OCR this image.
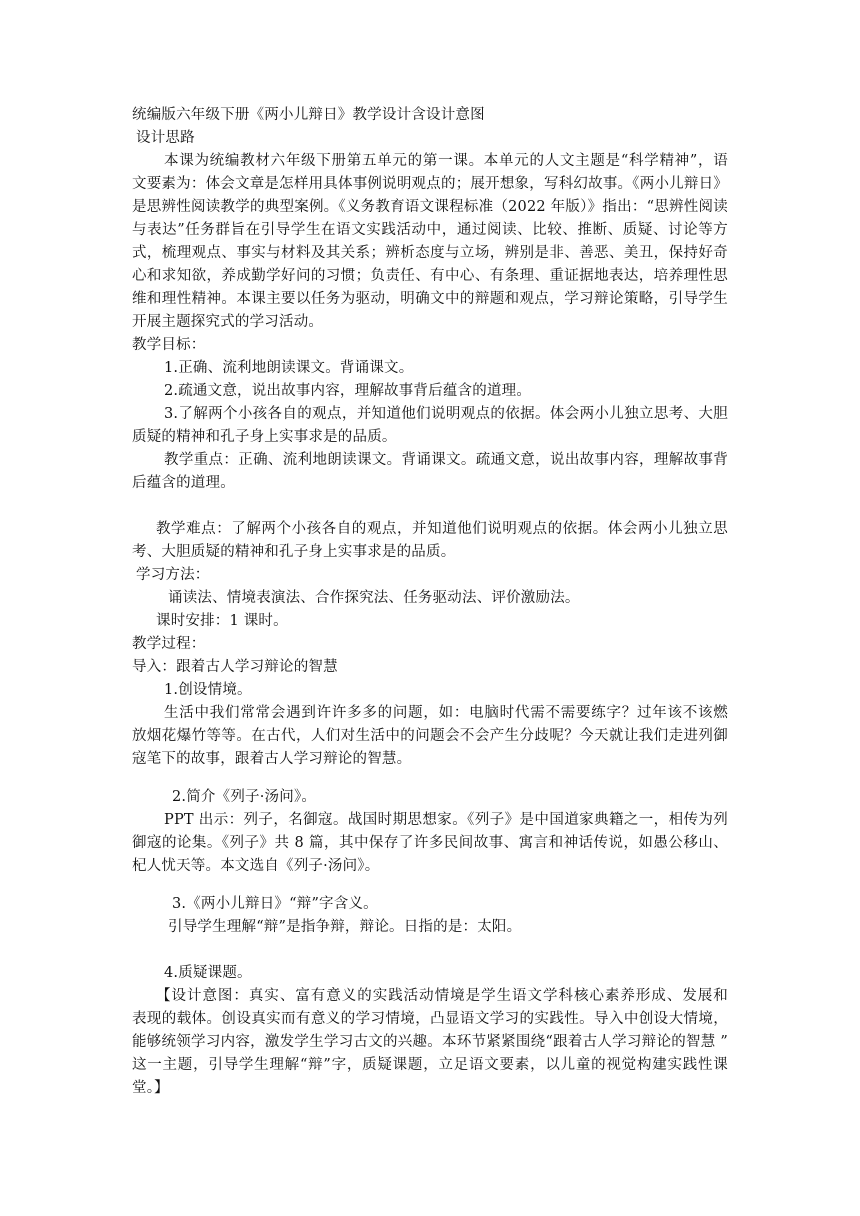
统编版六年级下册《两小儿辩日》教学设计含设计意图
设计思路
本课为统编教材六年级下册第五单元的第一课。本单元的人文主题是“科学精神”，语
文要素为：体会文章是怎样用具体事例说明观点的；展开想象，写科幻故事。《两小儿辩日》
是思辨性阅读教学的典型案例。《义务教育语文课程标准（2022 年版）》指出：“思辨性阅读
与表达”任务群旨在引导学生在语文实践活动中，通过阅读、比较、推断、质疑、讨论等方
式，梳理观点、事实与材料及其关系；辨析态度与立场，辨别是非、善恶、美丑，保持好奇
心和求知欲，养成勤学好问的习惯；负责任、有中心、有条理、重证据地表达，培养理性思
维和理性精神。本课主要以任务为驱动，明确文中的辩题和观点，学习辩论策略，引导学生
开展主题探究式的学习活动。
教学目标：
1.正确、流利地朗读课文。背诵课文。
2.疏通文意，说出故事内容，理解故事背后蕴含的道理。
3.了解两个小孩各自的观点，并知道他们说明观点的依据。体会两小儿独立思考、大胆
质疑的精神和孔子身上实事求是的品质。
教学重点：正确、流利地朗读课文。背诵课文。疏通文意，说出故事内容，理解故事背
后蕴含的道理。
教学难点：了解两个小孩各自的观点，并知道他们说明观点的依据。体会两小儿独立思
考、大胆质疑的精神和孔子身上实事求是的品质。
学习方法：
诵读法、情境表演法、合作探究法、任务驱动法、评价激励法。
课时安排：1 课时。
教学过程：
导入：跟着古人学习辩论的智慧
1.创设情境。
生活中我们常常会遇到许许多多的问题，如：电脑时代需不需要练字？过年该不该燃
放烟花爆竹等等。在古代，人们对生活中的问题会不会产生分歧呢？今天就让我们走进列御
寇笔下的故事，跟着古人学习辩论的智慧。
2.简介《列子·汤问》。
PPT 出示：列子，名御寇。战国时期思想家。《列子》是中国道家典籍之一，相传为列
御寇的论集。《列子》共 8 篇，其中保存了许多民间故事、寓言和神话传说，如愚公移山、
杞人忧天等。本文选自《列子·汤问》。
3.《两小儿辩日》“辩”字含义。
引导学生理解“辩”是指争辩，辩论。日指的是：太阳。
4.质疑课题。
【设计意图：真实、富有意义的实践活动情境是学生语文学科核心素养形成、发展和
表现的载体。创设真实而有意义的学习情境，凸显语文学习的实践性。导入中创设大情境，
能够统领学习内容，激发学生学习古文的兴趣。本环节紧紧围绕“跟着古人学习辩论的智慧 ”
这一主题，引导学生理解“辩”字，质疑课题，立足语文要素，以儿童的视觉构建实践性课
堂。】
